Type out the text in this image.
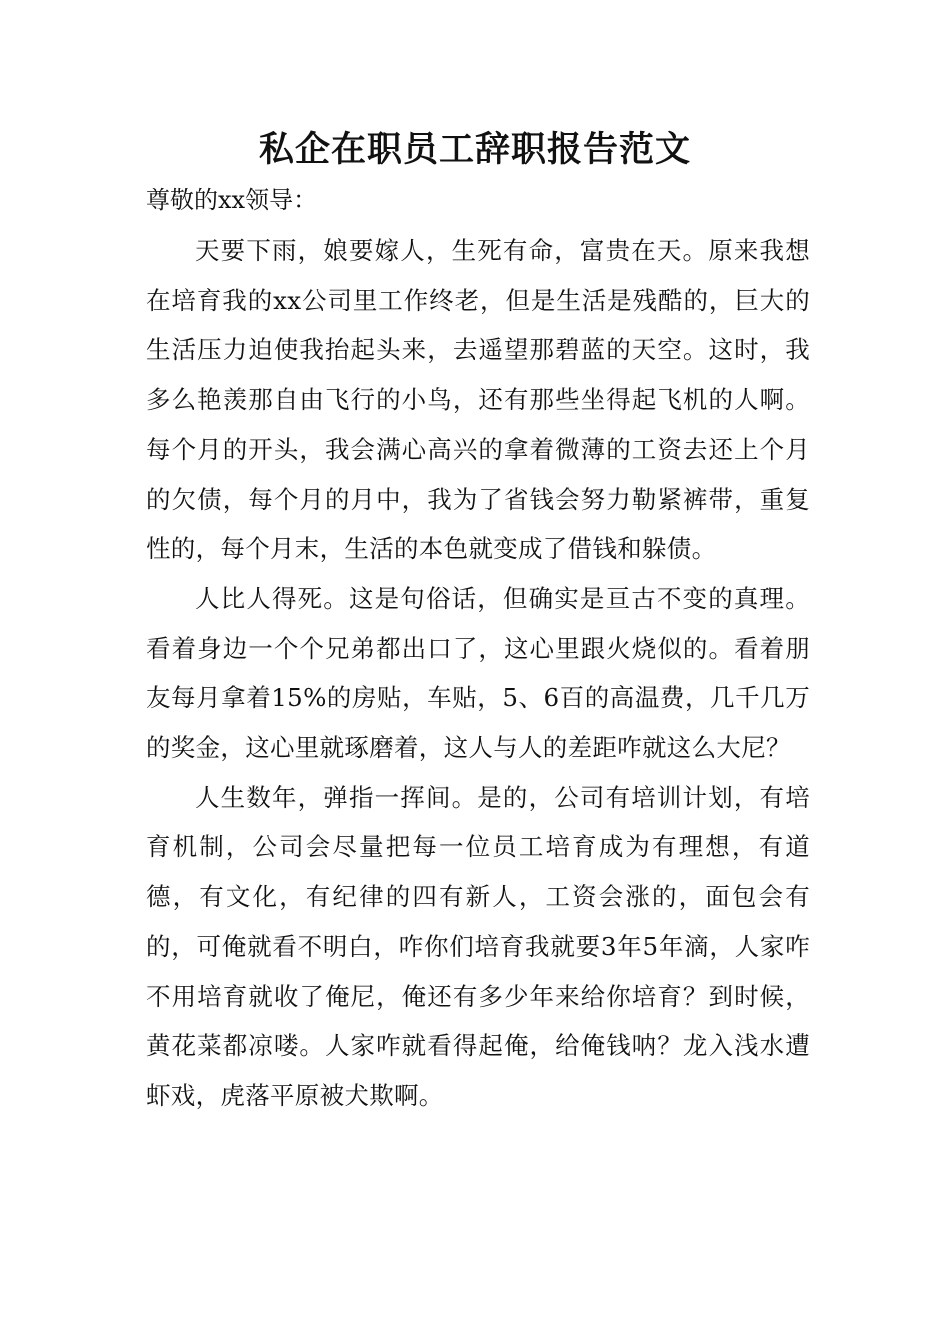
私企在职员工辞职报告范文

尊敬的xx领导：

天要下雨，娘要嫁人，生死有命，富贵在天。原来我想在培育我的xx公司里工作终老，但是生活是残酷的，巨大的生活压力迫使我抬起头来，去遥望那碧蓝的天空。这时，我多么艳羡那自由飞行的小鸟，还有那些坐得起飞机的人啊。每个月的开头，我会满心高兴的拿着微薄的工资去还上个月的欠债，每个月的月中，我为了省钱会努力勒紧裤带，重复性的，每个月末，生活的本色就变成了借钱和躲债。

人比人得死。这是句俗话，但确实是亘古不变的真理。看着身边一个个兄弟都出口了，这心里跟火烧似的。看着朋友每月拿着15%的房贴，车贴，5、6百的高温费，几千几万的奖金，这心里就琢磨着，这人与人的差距咋就这么大尼？

人生数年，弹指一挥间。是的，公司有培训计划，有培育机制，公司会尽量把每一位员工培育成为有理想，有道德，有文化，有纪律的四有新人，工资会涨的，面包会有的，可俺就看不明白，咋你们培育我就要3年5年滴，人家咋不用培育就收了俺尼，俺还有多少年来给你培育？到时候，黄花菜都凉喽。人家咋就看得起俺，给俺钱呐？龙入浅水遭虾戏，虎落平原被犬欺啊。
